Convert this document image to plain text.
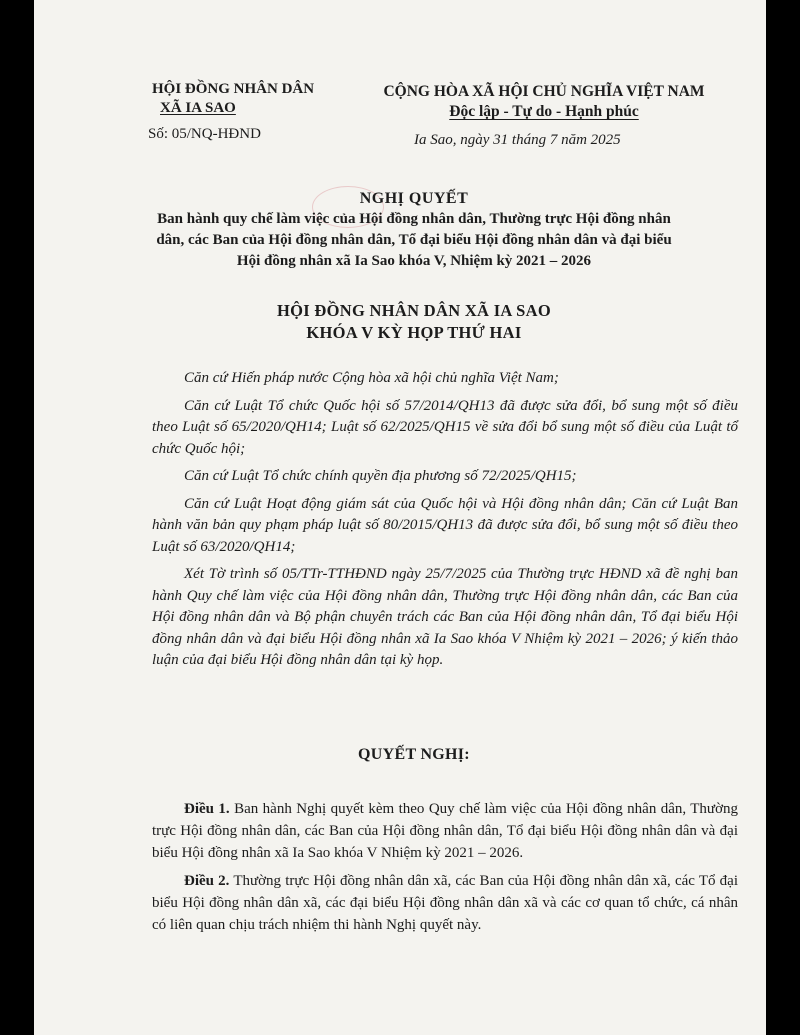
HỘI ĐỒNG NHÂN DÂN
XÃ IA SAO
Số: 05/NQ-HĐND
CỘNG HÒA XÃ HỘI CHỦ NGHĨA VIỆT NAM
Độc lập - Tự do - Hạnh phúc
Ia Sao, ngày 31 tháng 7 năm 2025
NGHỊ QUYẾT
Ban hành quy chế làm việc của Hội đồng nhân dân, Thường trực Hội đồng nhân dân, các Ban của Hội đồng nhân dân, Tổ đại biểu Hội đồng nhân dân và đại biểu Hội đồng nhân xã Ia Sao khóa V, Nhiệm kỳ 2021 – 2026
HỘI ĐỒNG NHÂN DÂN XÃ IA SAO
KHÓA V KỲ HỌP THỨ HAI

Căn cứ Hiến pháp nước Cộng hòa xã hội chủ nghĩa Việt Nam;

Căn cứ Luật Tổ chức Quốc hội số 57/2014/QH13 đã được sửa đổi, bổ sung một số điều theo Luật số 65/2020/QH14; Luật số 62/2025/QH15 về sửa đổi bổ sung một số điều của Luật tổ chức Quốc hội;

Căn cứ Luật Tổ chức chính quyền địa phương số 72/2025/QH15;

Căn cứ Luật Hoạt động giám sát của Quốc hội và Hội đồng nhân dân; Căn cứ Luật Ban hành văn bản quy phạm pháp luật số 80/2015/QH13 đã được sửa đổi, bổ sung một số điều theo Luật số 63/2020/QH14;

Xét Tờ trình số 05/TTr-TTHĐND ngày 25/7/2025 của Thường trực HĐND xã đề nghị ban hành Quy chế làm việc của Hội đồng nhân dân, Thường trực Hội đồng nhân dân, các Ban của Hội đồng nhân dân và Bộ phận chuyên trách các Ban của Hội đồng nhân dân, Tổ đại biểu Hội đồng nhân dân và đại biểu Hội đồng nhân xã Ia Sao khóa V Nhiệm kỳ 2021 – 2026; ý kiến thảo luận của đại biểu Hội đồng nhân dân tại kỳ họp.

QUYẾT NGHỊ:

Điều 1. Ban hành Nghị quyết kèm theo Quy chế làm việc của Hội đồng nhân dân, Thường trực Hội đồng nhân dân, các Ban của Hội đồng nhân dân, Tổ đại biểu Hội đồng nhân dân và đại biểu Hội đồng nhân xã Ia Sao khóa V Nhiệm kỳ 2021 – 2026.

Điều 2. Thường trực Hội đồng nhân dân xã, các Ban của Hội đồng nhân dân xã, các Tổ đại biểu Hội đồng nhân dân xã, các đại biểu Hội đồng nhân dân xã và các cơ quan tổ chức, cá nhân có liên quan chịu trách nhiệm thi hành Nghị quyết này.
